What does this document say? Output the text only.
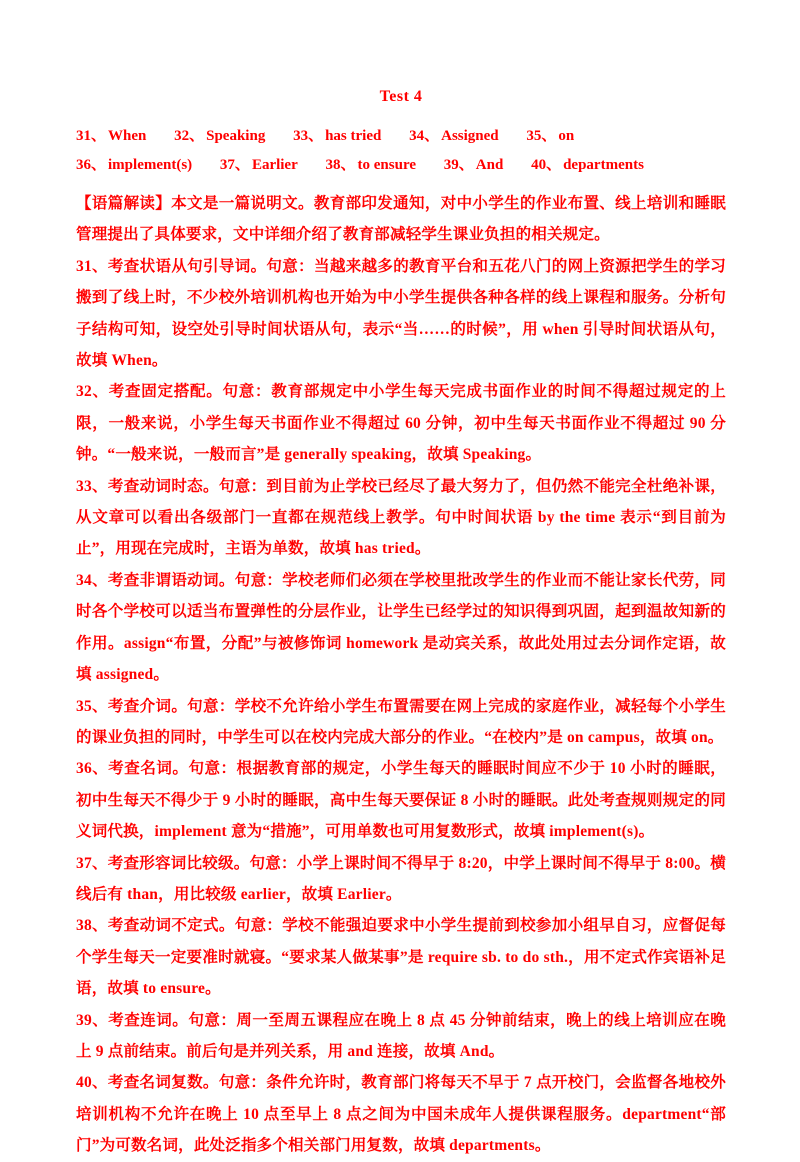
Test 4
31、 When 32、 Speaking 33、 has tried 34、 Assigned 35、 on
36、 implement(s) 37、 Earlier 38、 to ensure 39、 And 40、 departments

【语篇解读】本文是一篇说明文。教育部印发通知，对中小学生的作业布置、线上培训和睡眠管理提出了具体要求，文中详细介绍了教育部减轻学生课业负担的相关规定。

31、考查状语从句引导词。句意：当越来越多的教育平台和五花八门的网上资源把学生的学习搬到了线上时，不少校外培训机构也开始为中小学生提供各种各样的线上课程和服务。分析句子结构可知，设空处引导时间状语从句，表示“当……的时候”，用 when 引导时间状语从句，故填 When。

32、考查固定搭配。句意：教育部规定中小学生每天完成书面作业的时间不得超过规定的上限，一般来说，小学生每天书面作业不得超过 60 分钟，初中生每天书面作业不得超过 90 分钟。“一般来说，一般而言”是 generally speaking，故填 Speaking。

33、考查动词时态。句意：到目前为止学校已经尽了最大努力了，但仍然不能完全杜绝补课，从文章可以看出各级部门一直都在规范线上教学。句中时间状语 by the time 表示“到目前为止”，用现在完成时，主语为单数，故填 has tried。

34、考查非谓语动词。句意：学校老师们必须在学校里批改学生的作业而不能让家长代劳，同时各个学校可以适当布置弹性的分层作业，让学生已经学过的知识得到巩固，起到温故知新的作用。assign“布置，分配”与被修饰词 homework 是动宾关系，故此处用过去分词作定语，故填 assigned。

35、考查介词。句意：学校不允许给小学生布置需要在网上完成的家庭作业，减轻每个小学生的课业负担的同时，中学生可以在校内完成大部分的作业。“在校内”是 on campus，故填 on。

36、考查名词。句意：根据教育部的规定，小学生每天的睡眠时间应不少于 10 小时的睡眠，初中生每天不得少于 9 小时的睡眠，高中生每天要保证 8 小时的睡眠。此处考查规则规定的同义词代换，implement 意为“措施”，可用单数也可用复数形式，故填 implement(s)。

37、考查形容词比较级。句意：小学上课时间不得早于 8:20，中学上课时间不得早于 8:00。横线后有 than，用比较级 earlier，故填 Earlier。

38、考查动词不定式。句意：学校不能强迫要求中小学生提前到校参加小组早自习，应督促每个学生每天一定要准时就寝。“要求某人做某事”是 require sb. to do sth.，用不定式作宾语补足语，故填 to ensure。

39、考查连词。句意：周一至周五课程应在晚上 8 点 45 分钟前结束，晚上的线上培训应在晚上 9 点前结束。前后句是并列关系，用 and 连接，故填 And。

40、考查名词复数。句意：条件允许时，教育部门将每天不早于 7 点开校门，会监督各地校外培训机构不允许在晚上 10 点至早上 8 点之间为中国未成年人提供课程服务。department“部门”为可数名词，此处泛指多个相关部门用复数，故填 departments。
